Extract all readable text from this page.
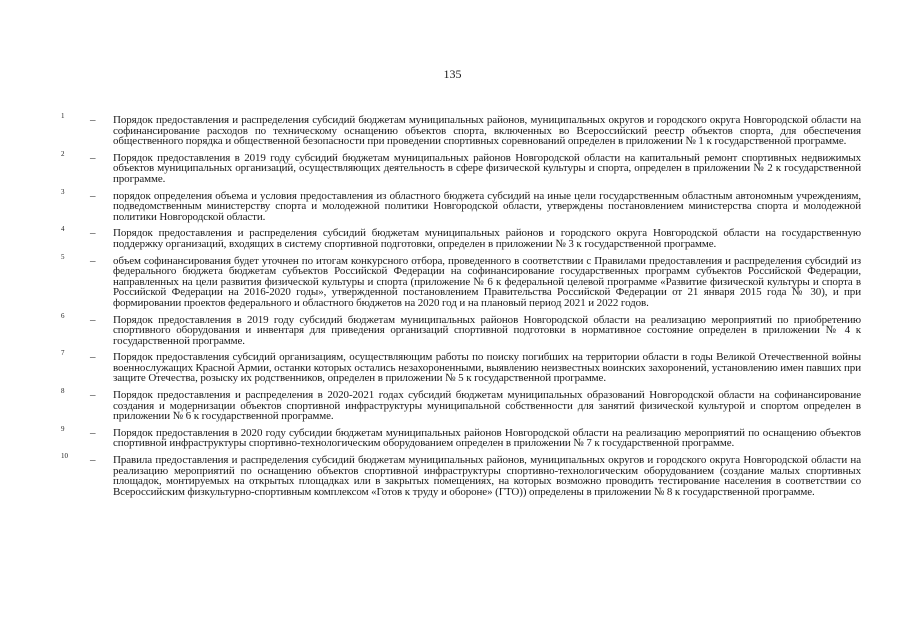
135
1 – Порядок предоставления и распределения субсидий бюджетам муниципальных районов, муниципальных округов и городского округа Новгородской области на софинансирование расходов по техническому оснащению объектов спорта, включенных во Всероссийский реестр объектов спорта, для обеспечения общественного порядка и общественной безопасности при проведении спортивных соревнований определен в приложении № 1 к государственной программе.
2 – Порядок предоставления в 2019 году субсидий бюджетам муниципальных районов Новгородской области на капитальный ремонт спортивных недвижимых объектов муниципальных организаций, осуществляющих деятельность в сфере физической культуры и спорта, определен в приложении № 2 к государственной программе.
3 – порядок определения объема и условия предоставления из областного бюджета субсидий на иные цели государственным областным автономным учреждениям, подведомственным министерству спорта и молодежной политики Новгородской области, утверждены постановлением министерства спорта и молодежной политики Новгородской области.
4 – Порядок предоставления и распределения субсидий бюджетам муниципальных районов и городского округа Новгородской области на государственную поддержку организаций, входящих в систему спортивной подготовки, определен в приложении № 3 к государственной программе.
5 – объем софинансирования будет уточнен по итогам конкурсного отбора, проведенного в соответствии с Правилами предоставления и распределения субсидий из федерального бюджета бюджетам субъектов Российской Федерации на софинансирование государственных программ субъектов Российской Федерации, направленных на цели развития физической культуры и спорта (приложение № 6 к федеральной целевой программе «Развитие физической культуры и спорта в Российской Федерации на 2016-2020 годы», утвержденной постановлением Правительства Российской Федерации от 21 января 2015 года № 30), и при формировании проектов федерального и областного бюджетов на 2020 год и на плановый период 2021 и 2022 годов.
6 – Порядок предоставления в 2019 году субсидий бюджетам муниципальных районов Новгородской области на реализацию мероприятий по приобретению спортивного оборудования и инвентаря для приведения организаций спортивной подготовки в нормативное состояние определен в приложении № 4 к государственной программе.
7 – Порядок предоставления субсидий организациям, осуществляющим работы по поиску погибших на территории области в годы Великой Отечественной войны военнослужащих Красной Армии, останки которых остались незахороненными, выявлению неизвестных воинских захоронений, установлению имен павших при защите Отечества, розыску их родственников, определен в приложении № 5 к государственной программе.
8 – Порядок предоставления и распределения в 2020-2021 годах субсидий бюджетам муниципальных образований Новгородской области на софинансирование создания и модернизации объектов спортивной инфраструктуры муниципальной собственности для занятий физической культурой и спортом определен в приложении № 6 к государственной программе.
9 – Порядок предоставления в 2020 году субсидии бюджетам муниципальных районов Новгородской области на реализацию мероприятий по оснащению объектов спортивной инфраструктуры спортивно-технологическим оборудованием определен в приложении № 7 к государственной программе.
10 – Правила предоставления и распределения субсидий бюджетам муниципальных районов, муниципальных округов и городского округа Новгородской области на реализацию мероприятий по оснащению объектов спортивной инфраструктуры спортивно-технологическим оборудованием (создание малых спортивных площадок, монтируемых на открытых площадках или в закрытых помещениях, на которых возможно проводить тестирование населения в соответствии со Всероссийским физкультурно-спортивным комплексом «Готов к труду и обороне» (ГТО)) определены в приложении № 8 к государственной программе.
